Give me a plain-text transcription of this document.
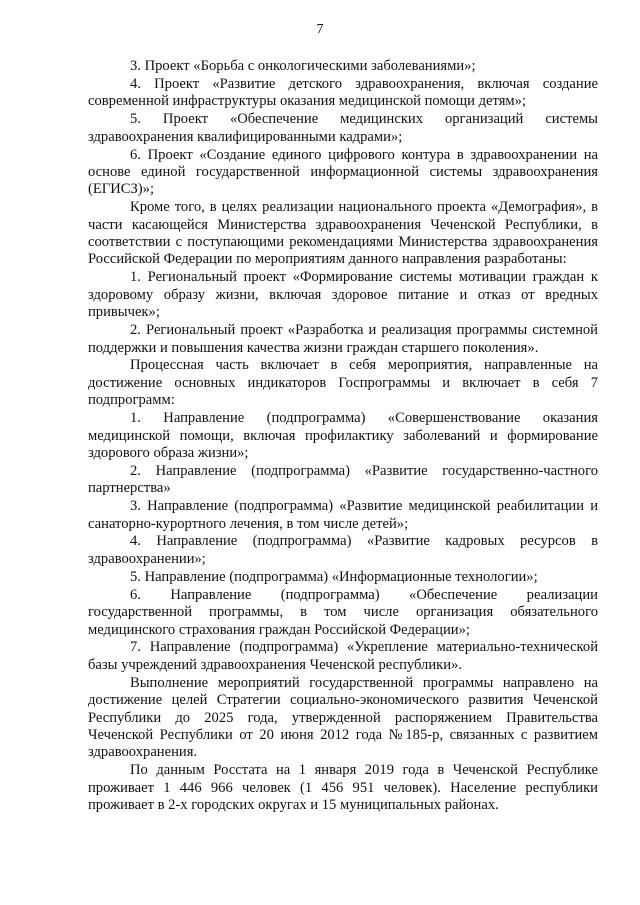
7

3. Проект «Борьба с онкологическими заболеваниями»;

4. Проект «Развитие детского здравоохранения, включая создание современной инфраструктуры оказания медицинской помощи детям»;

5. Проект «Обеспечение медицинских организаций системы здравоохранения квалифицированными кадрами»;

6. Проект «Создание единого цифрового контура в здравоохранении на основе единой государственной информационной системы здравоохранения (ЕГИСЗ)»;

Кроме того, в целях реализации национального проекта «Демография», в части касающейся Министерства здравоохранения Чеченской Республики, в соответствии с поступающими рекомендациями Министерства здравоохранения Российской Федерации по мероприятиям данного направления разработаны:

1. Региональный проект «Формирование системы мотивации граждан к здоровому образу жизни, включая здоровое питание и отказ от вредных привычек»;

2. Региональный проект «Разработка и реализация программы системной поддержки и повышения качества жизни граждан старшего поколения».

Процессная часть включает в себя мероприятия, направленные на достижение основных индикаторов Госпрограммы и включает в себя 7 подпрограмм:

1. Направление (подпрограмма) «Совершенствование оказания медицинской помощи, включая профилактику заболеваний и формирование здорового образа жизни»;

2. Направление (подпрограмма) «Развитие государственно-частного партнерства»

3. Направление (подпрограмма) «Развитие медицинской реабилитации и санаторно-курортного лечения, в том числе детей»;

4. Направление (подпрограмма) «Развитие кадровых ресурсов в здравоохранении»;

5. Направление (подпрограмма) «Информационные технологии»;

6. Направление (подпрограмма) «Обеспечение реализации государственной программы, в том числе организация обязательного медицинского страхования граждан Российской Федерации»;

7. Направление (подпрограмма) «Укрепление материально-технической базы учреждений здравоохранения Чеченской республики».

Выполнение мероприятий государственной программы направлено на достижение целей Стратегии социально-экономического развития Чеченской Республики до 2025 года, утвержденной распоряжением Правительства Чеченской Республики от 20 июня 2012 года №185-р, связанных с развитием здравоохранения.

По данным Росстата на 1 января 2019 года в Чеченской Республике проживает 1 446 966 человек (1 456 951 человек). Население республики проживает в 2-х городских округах и 15 муниципальных районах.
